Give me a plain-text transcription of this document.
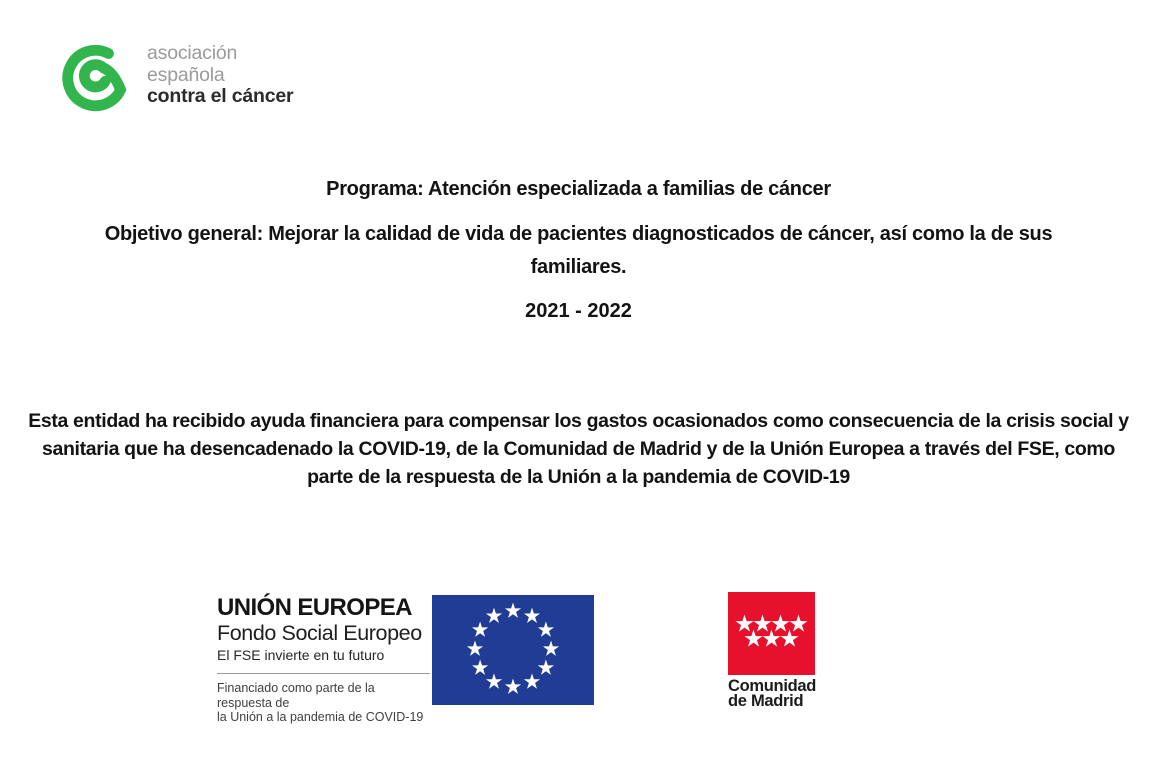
asociación
española
contra el cáncer
Programa: Atención especializada a familias de cáncer
Objetivo general: Mejorar la calidad de vida de pacientes diagnosticados de cáncer, así como la de sus
familiares.
2021 - 2022
Esta entidad ha recibido ayuda financiera para compensar los gastos ocasionados como consecuencia de la crisis social y
sanitaria que ha desencadenado la COVID-19, de la Comunidad de Madrid y de la Unión Europea a través del FSE, como
parte de la respuesta de la Unión a la pandemia de COVID-19
UNIÓN EUROPEA
Fondo Social Europeo
El FSE invierte en tu futuro
Financiado como parte de la respuesta de
la Unión a la pandemia de COVID-19
Comunidad
de Madrid
